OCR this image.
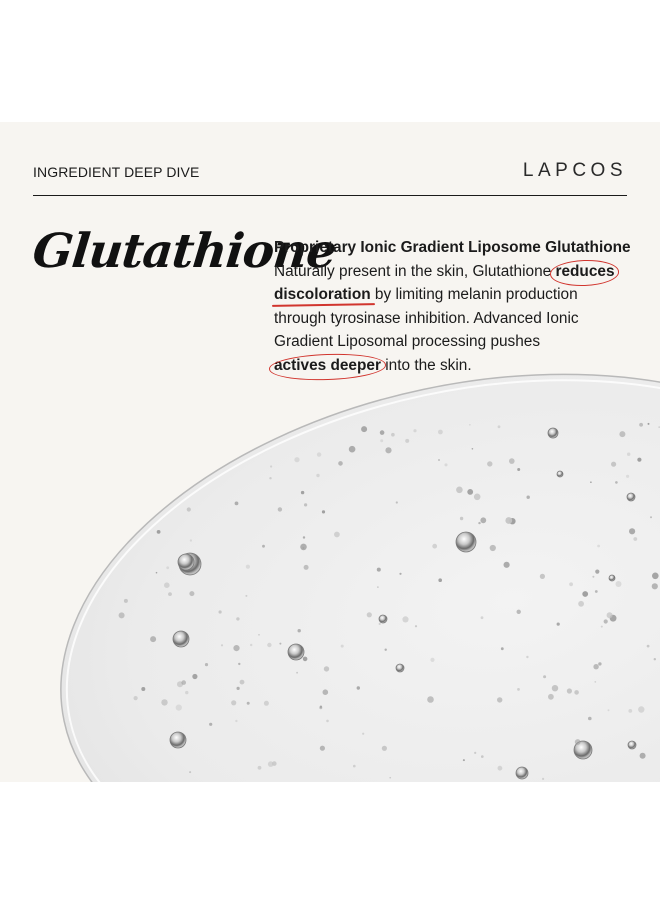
INGREDIENT DEEP DIVE	LAPCOS
Glutathione
Proprietary Ionic Gradient Liposome Glutathione
Naturally present in the skin, Glutathione reduces discoloration by limiting melanin production through tyrosinase inhibition. Advanced Ionic Gradient Liposomal processing pushes actives deeper into the skin.
